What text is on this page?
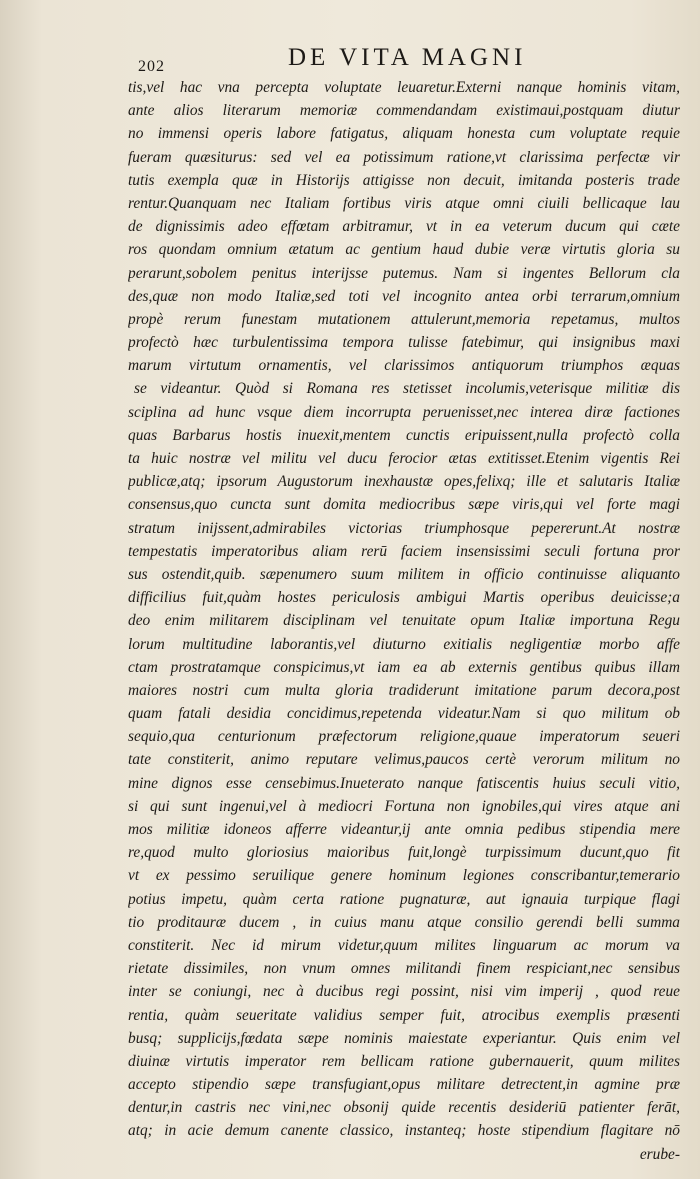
202	DE VITA MAGNI
tis,vel hac vna percepta voluptate leuaretur.Externi nanque hominis vitam,
ante alios literarum memoriæ commendandam existimaui,postquam diutur
no immensi operis labore fatigatus, aliquam honesta cum voluptate requie
fueram quæsiturus: sed vel ea potissimum ratione,vt clarissima perfectæ vir
tutis exempla quæ in Historijs attigisse non decuit, imitanda posteris trade
rentur.Quanquam nec Italiam fortibus viris atque omni ciuili bellicaque lau
de dignissimis adeo effœtam arbitramur, vt in ea veterum ducum qui cæte
ros quondam omnium ætatum ac gentium haud dubie veræ virtutis gloria su
perarunt,sobolem penitus interijsse putemus. Nam si ingentes Bellorum cla
des,quæ non modo Italiæ,sed toti vel incognito antea orbi terrarum,omnium
propè rerum funestam mutationem attulerunt,memoria repetamus, multos
profectò hæc turbulentissima tempora tulisse fatebimur, qui insignibus maxi
marum virtutum ornamentis, vel clarissimos antiquorum triumphos æquas
se videantur. Quòd si Romana res stetisset incolumis,veterisque militiæ dis
sciplina ad hunc vsque diem incorrupta peruenisset,nec interea diræ factiones
quas Barbarus hostis inuexit,mentem cunctis eripuissent,nulla profectò colla
ta huic nostræ vel militu vel ducu ferocior ætas extitisset.Etenim vigentis Rei
publicæ,atq; ipsorum Augustorum inexhaustæ opes,felixq; ille et salutaris Italiæ
consensus,quo cuncta sunt domita mediocribus sæpe viris,qui vel forte magi
stratum inijssent,admirabiles victorias triumphosque pepererunt.At nostræ
tempestatis imperatoribus aliam rerū faciem insensissimi seculi fortuna pror
sus ostendit,quib. sæpenumero suum militem in officio continuisse aliquanto
difficilius fuit,quàm hostes periculosis ambigui Martis operibus deuicisse;a
deo enim militarem disciplinam vel tenuitate opum Italiæ importuna Regu
lorum multitudine laborantis,vel diuturno exitialis negligentiæ morbo affe
ctam prostratamque conspicimus,vt iam ea ab externis gentibus quibus illam
maiores nostri cum multa gloria tradiderunt imitatione parum decora,post
quam fatali desidia concidimus,repetenda videatur.Nam si quo militum ob
sequio,qua centurionum præfectorum religione,quaue imperatorum seueri
tate constiterit, animo reputare velimus,paucos certè verorum militum no
mine dignos esse censebimus.Inueterato nanque fatiscentis huius seculi vitio,
si qui sunt ingenui,vel à mediocri Fortuna non ignobiles,qui vires atque ani
mos militiæ idoneos afferre videantur,ij ante omnia pedibus stipendia mere
re,quod multo gloriosius maioribus fuit,longè turpissimum ducunt,quo fit
vt ex pessimo seruilique genere hominum legiones conscribantur,temerario
potius impetu, quàm certa ratione pugnaturæ, aut ignauia turpique flagi
tio proditauræ ducem , in cuius manu atque consilio gerendi belli summa
constiterit. Nec id mirum videtur,quum milites linguarum ac morum va
rietate dissimiles, non vnum omnes militandi finem respiciant,nec sensibus
inter se coniungi, nec à ducibus regi possint, nisi vim imperij , quod reue
rentia, quàm seueritate validius semper fuit, atrocibus exemplis præsenti
busq; supplicijs,fœdata sæpe nominis maiestate experiantur. Quis enim vel
diuinæ virtutis imperator rem bellicam ratione gubernauerit, quum milites
accepto stipendio sæpe transfugiant,opus militare detrectent,in agmine præ
dentur,in castris nec vini,nec obsonij quide recentis desideriū patienter ferāt,
atq; in acie demum canente classico, instanteq; hoste stipendium flagitare nō
erube-
